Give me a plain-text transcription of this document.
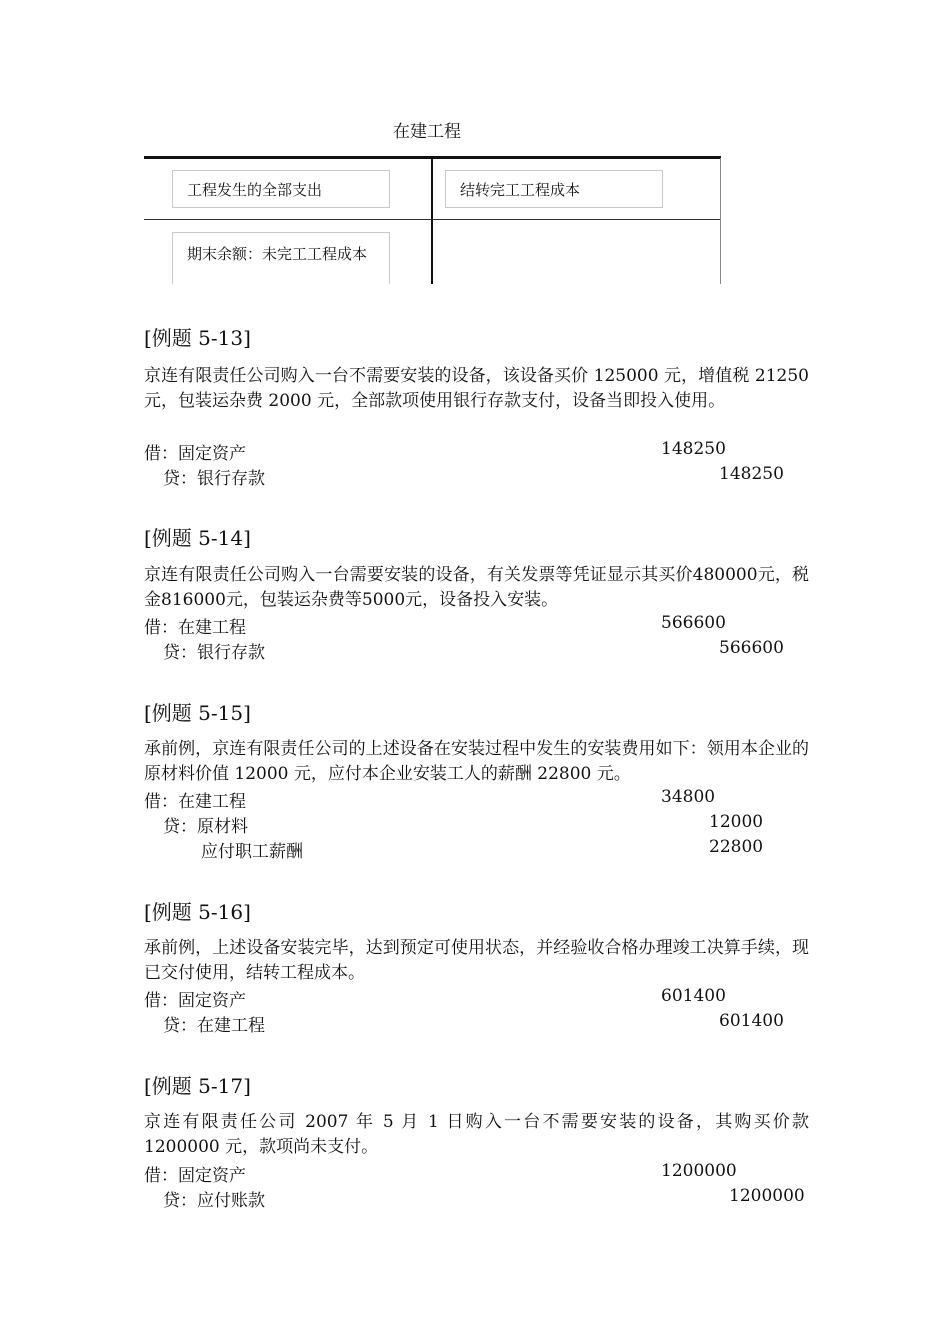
在建工程
工程发生的全部支出	结转完工工程成本
期末余额：未完工工程成本
[例题 5-13]
京连有限责任公司购入一台不需要安装的设备，该设备买价 125000 元，增值税 21250 元，包装运杂费 2000 元，全部款项使用银行存款支付，设备当即投入使用。
借：固定资产	148250
贷：银行存款	148250
[例题 5-14]
京连有限责任公司购入一台需要安装的设备，有关发票等凭证显示其买价480000元，税金816000元，包装运杂费等5000元，设备投入安装。
借：在建工程	566600
贷：银行存款	566600
[例题 5-15]
承前例，京连有限责任公司的上述设备在安装过程中发生的安装费用如下：领用本企业的原材料价值 12000 元，应付本企业安装工人的薪酬 22800 元。
借：在建工程	34800
贷：原材料	12000
应付职工薪酬	22800
[例题 5-16]
承前例，上述设备安装完毕，达到预定可使用状态，并经验收合格办理竣工决算手续，现已交付使用，结转工程成本。
借：固定资产	601400
贷：在建工程	601400
[例题 5-17]
京连有限责任公司 2007 年 5 月 1 日购入一台不需要安装的设备，其购买价款 1200000 元，款项尚未支付。
借：固定资产	1200000
贷：应付账款	1200000
